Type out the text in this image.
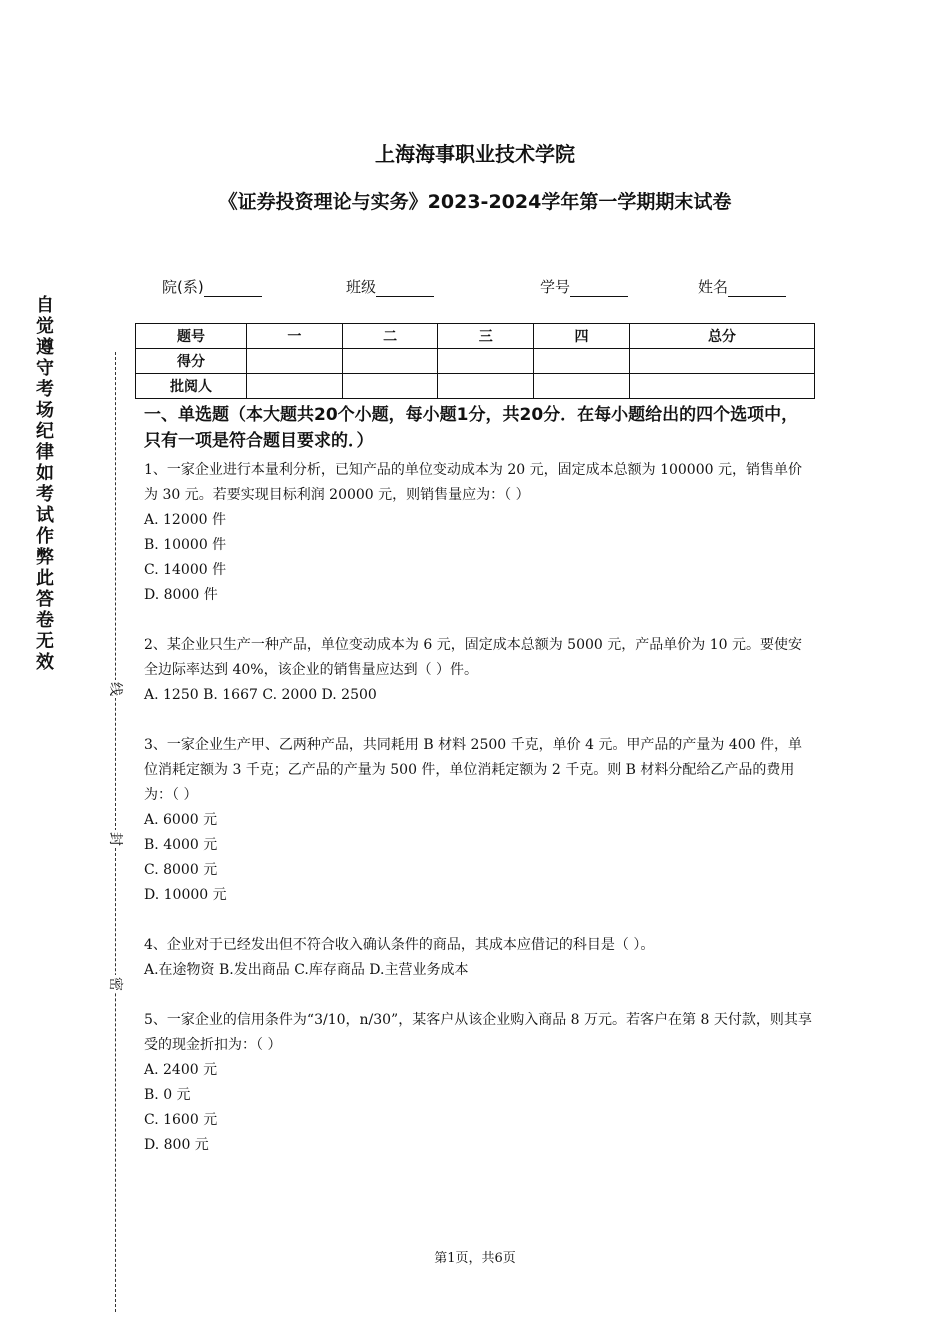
自
觉
遵
守
考
场
纪
律
如
考
试
作
弊
此
答
卷
无
效
线
封
密
上海海事职业技术学院
《证券投资理论与实务》2023-2024学年第一学期期末试卷
院(系)	班级	学号	姓名
题号	一	二	三	四	总分
得分					
批阅人					

一、单选题（本大题共20个小题，每小题1分，共20分．在每小题给出的四个选项中，只有一项是符合题目要求的．）

1、一家企业进行本量利分析，已知产品的单位变动成本为 20 元，固定成本总额为 100000 元，销售单价为 30 元。若要实现目标利润 20000 元，则销售量应为：（ ）

A. 12000 件

B. 10000 件

C. 14000 件

D. 8000 件

2、某企业只生产一种产品，单位变动成本为 6 元，固定成本总额为 5000 元，产品单价为 10 元。要使安全边际率达到 40%，该企业的销售量应达到（ ）件。

A. 1250 B. 1667 C. 2000 D. 2500

3、一家企业生产甲、乙两种产品，共同耗用 B 材料 2500 千克，单价 4 元。甲产品的产量为 400 件，单位消耗定额为 3 千克；乙产品的产量为 500 件，单位消耗定额为 2 千克。则 B 材料分配给乙产品的费用为：（ ）

A. 6000 元

B. 4000 元

C. 8000 元

D. 10000 元

4、企业对于已经发出但不符合收入确认条件的商品，其成本应借记的科目是（ ）。

A.在途物资 B.发出商品 C.库存商品 D.主营业务成本

5、一家企业的信用条件为“3/10，n/30”，某客户从该企业购入商品 8 万元。若客户在第 8 天付款，则其享受的现金折扣为：（ ）

A. 2400 元

B. 0 元

C. 1600 元

D. 800 元

第1页，共6页
